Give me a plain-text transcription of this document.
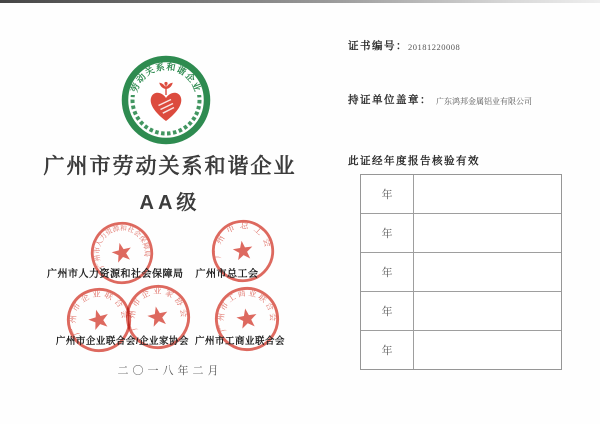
劳动关系和谐企业
广州市劳动关系和谐企业
AA级
广州市人力资源和社会保障局	广州市总工会
广州市人力资源和社会保障局	广州市总工会
广州市企业联合会
广州市企业家协会
广州市工商业联合会
广州市企业联合会/企业家协会 广州市工商业联合会
二〇一八年二月
证书编号： 20181220008
持证单位盖章： 广东鸿邦金属铝业有限公司
此证经年度报告核验有效
年
年
年
年
年
